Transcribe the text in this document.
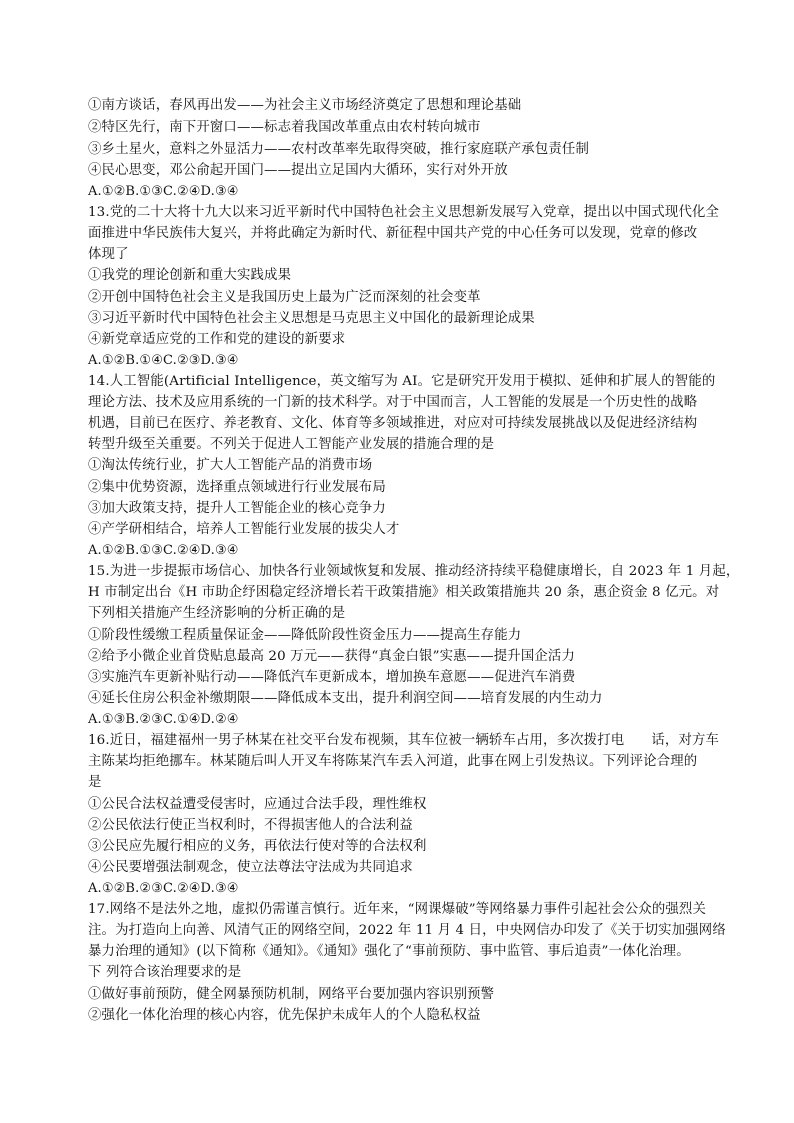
①南方谈话，春风再出发——为社会主义市场经济奠定了思想和理论基础
②特区先行，南下开窗口——标志着我国改革重点由农村转向城市
③乡土星火，意料之外显活力——农村改革率先取得突破，推行家庭联产承包责任制
④民心思变，邓公俞起开国门——提出立足国内大循环，实行对外开放
A.①②B.①③C.②④D.③④
13.党的二十大将十九大以来习近平新时代中国特色社会主义思想新发展写入党章，提出以中国式现代化全
面推进中华民族伟大复兴，并将此确定为新时代、新征程中国共产党的中心任务可以发现，党章的修改
体现了
①我党的理论创新和重大实践成果
②开创中国特色社会主义是我国历史上最为广泛而深刻的社会变革
③习近平新时代中国特色社会主义思想是马克思主义中国化的最新理论成果
④新党章适应党的工作和党的建设的新要求
A.①②B.①④C.②③D.③④
14.人工智能(Artificial Intelligence，英文缩写为 AI。它是研究开发用于模拟、延伸和扩展人的智能的
理论方法、技术及应用系统的一门新的技术科学。对于中国而言，人工智能的发展是一个历史性的战略
机遇，目前已在医疗、养老教育、文化、体育等多领域推进，对应对可持续发展挑战以及促进经济结构
转型升级至关重要。不列关于促进人工智能产业发展的措施合理的是
①淘汰传统行业，扩大人工智能产品的消费市场
②集中优势资源，选择重点领域进行行业发展布局
③加大政策支持，提升人工智能企业的核心竞争力
④产学研相结合，培养人工智能行业发展的拔尖人才
A.①②B.①③C.②④D.③④
15.为进一步提振市场信心、加快各行业领域恢复和发展、推动经济持续平稳健康增长，自 2023 年 1 月起，
H 市制定出台《H 市助企纾困稳定经济增长若干政策措施》相关政策措施共 20 条，惠企资金 8 亿元。对
下列相关措施产生经济影响的分析正确的是
①阶段性缓缴工程质量保证金——降低阶段性资金压力——提高生存能力
②给予小微企业首贷贴息最高 20 万元——获得“真金白银”实惠——提升国企活力
③实施汽车更新补贴行动——降低汽车更新成本，增加换车意愿——促进汽车消费
④延长住房公积金补缴期限——降低成本支出，提升利润空间——培育发展的内生动力
A.①③B.②③C.①④D.②④
16.近日，福建福州一男子林某在社交平台发布视频，其车位被一辆轿车占用，多次拨打电　　话，对方车
主陈某均拒绝挪车。林某随后叫人开叉车将陈某汽车丢入河道，此事在网上引发热议。下列评论合理的
是
①公民合法权益遭受侵害时，应通过合法手段，理性维权
②公民依法行使正当权利时，不得损害他人的合法利益
③公民应先履行相应的义务，再依法行使对等的合法权利
④公民要增强法制观念，使立法尊法守法成为共同追求
A.①②B.②③C.②④D.③④
17.网络不是法外之地，虚拟仍需谨言慎行。近年来，“网课爆破”等网络暴力事件引起社会公众的强烈关
注。为打造向上向善、风清气正的网络空间，2022 年 11 月 4 日，中央网信办印发了《关于切实加强网络
暴力治理的通知》(以下简称《通知》。《通知》强化了“事前预防、事中监管、事后追责”一体化治理。
下 列符合该治理要求的是
①做好事前预防，健全网暴预防机制，网络平台要加强内容识别预警
②强化一体化治理的核心内容，优先保护未成年人的个人隐私权益
